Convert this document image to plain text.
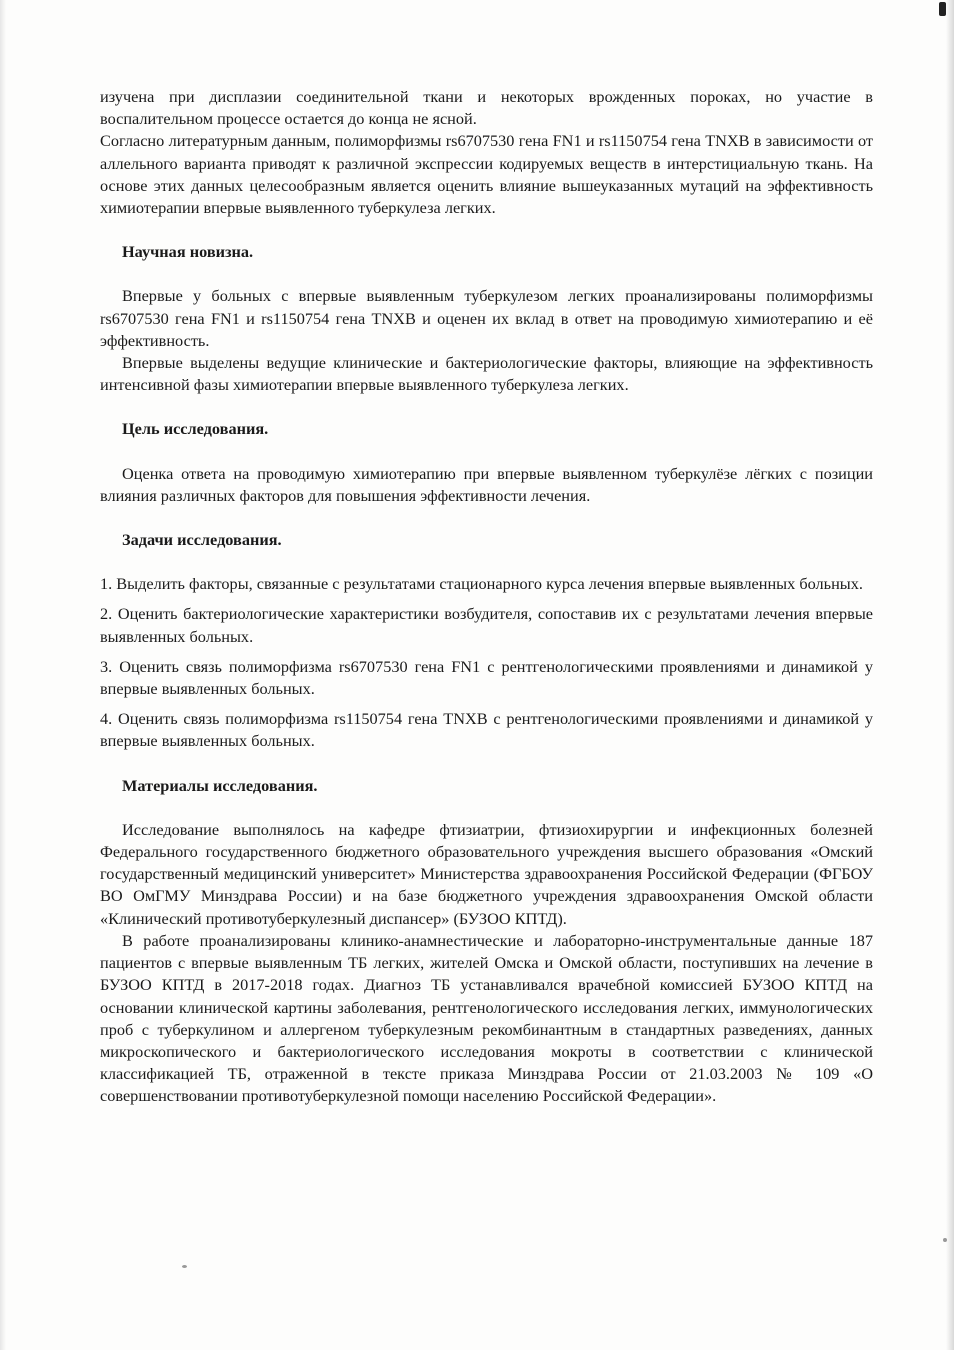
изучена при дисплазии соединительной ткани и некоторых врожденных пороках, но участие в воспалительном процессе остается до конца не ясной.

Согласно литературным данным, полиморфизмы rs6707530 гена FN1 и rs1150754 гена TNXB в зависимости от аллельного варианта приводят к различной экспрессии кодируемых веществ в интерстициальную ткань. На основе этих данных целесообразным является оценить влияние вышеуказанных мутаций на эффективность химиотерапии впервые выявленного туберкулеза легких.

Научная новизна.

Впервые у больных с впервые выявленным туберкулезом легких проанализированы полиморфизмы rs6707530 гена FN1 и rs1150754 гена TNXB и оценен их вклад в ответ на проводимую химиотерапию и её эффективность.

Впервые выделены ведущие клинические и бактериологические факторы, влияющие на эффективность интенсивной фазы химиотерапии впервые выявленного туберкулеза легких.

Цель исследования.

Оценка ответа на проводимую химиотерапию при впервые выявленном туберкулёзе лёгких с позиции влияния различных факторов для повышения эффективности лечения.

Задачи исследования.

1. Выделить факторы, связанные с результатами стационарного курса лечения впервые выявленных больных.

2. Оценить бактериологические характеристики возбудителя, сопоставив их с результатами лечения впервые выявленных больных.

3. Оценить связь полиморфизма rs6707530 гена FN1 с рентгенологическими проявлениями и динамикой у впервые выявленных больных.

4. Оценить связь полиморфизма rs1150754 гена TNXB с рентгенологическими проявлениями и динамикой у впервые выявленных больных.

Материалы исследования.

Исследование выполнялось на кафедре фтизиатрии, фтизиохирургии и инфекционных болезней Федерального государственного бюджетного образовательного учреждения высшего образования «Омский государственный медицинский университет» Министерства здравоохранения Российской Федерации (ФГБОУ ВО ОмГМУ Минздрава России) и на базе бюджетного учреждения здравоохранения Омской области «Клинический противотуберкулезный диспансер» (БУЗОО КПТД).

В работе проанализированы клинико-анамнестические и лабораторно-инструментальные данные 187 пациентов с впервые выявленным ТБ легких, жителей Омска и Омской области, поступивших на лечение в БУЗОО КПТД в 2017-2018 годах. Диагноз ТБ устанавливался врачебной комиссией БУЗОО КПТД на основании клинической картины заболевания, рентгенологического исследования легких, иммунологических проб с туберкулином и аллергеном туберкулезным рекомбинантным в стандартных разведениях, данных микроскопического и бактериологического исследования мокроты в соответствии с клинической классификацией ТБ, отраженной в тексте приказа Минздрава России от 21.03.2003 № 109 «О совершенствовании противотуберкулезной помощи населению Российской Федерации».
